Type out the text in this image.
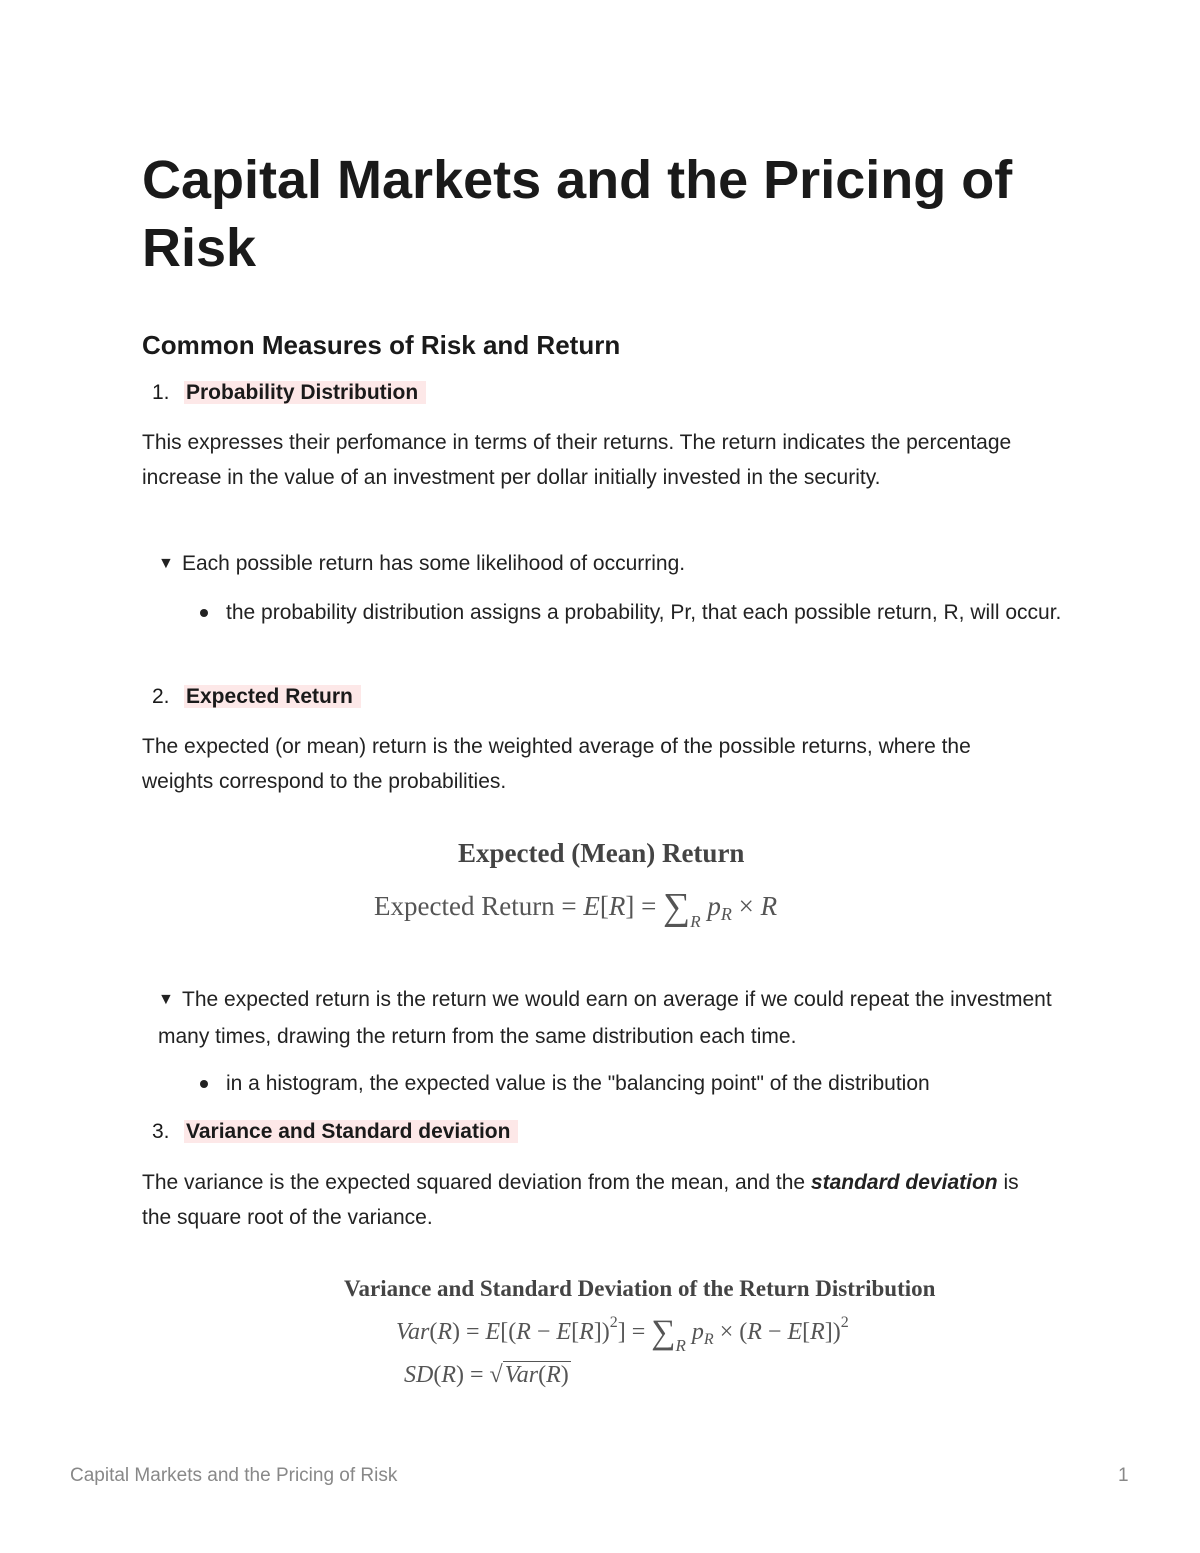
Capital Markets and the Pricing of Risk
Common Measures of Risk and Return
1. Probability Distribution

This expresses their perfomance in terms of their returns. The return indicates the percentage increase in the value of an investment per dollar initially invested in the security.

▼ Each possible return has some likelihood of occurring.
the probability distribution assigns a probability, Pr, that each possible return, R, will occur.
2. Expected Return

The expected (or mean) return is the weighted average of the possible returns, where the weights correspond to the probabilities.

Expected (Mean) Return
Expected Return = $E[R] = \sum_R$ pR × R
▼ The expected return is the return we would earn on average if we could repeat the investment many times, drawing the return from the same distribution each time.
in a histogram, the expected value is the "balancing point" of the distribution
3. Variance and Standard deviation

The variance is the expected squared deviation from the mean, and the standard deviation is the square root of the variance.

Variance and Standard Deviation of the Return Distribution
$Var(R) = E[(R - E[R])^2] = \sum_R$ $p_R \times (R - E[R])^2$
SD(R) = √Var(R)
Capital Markets and the Pricing of Risk	1
